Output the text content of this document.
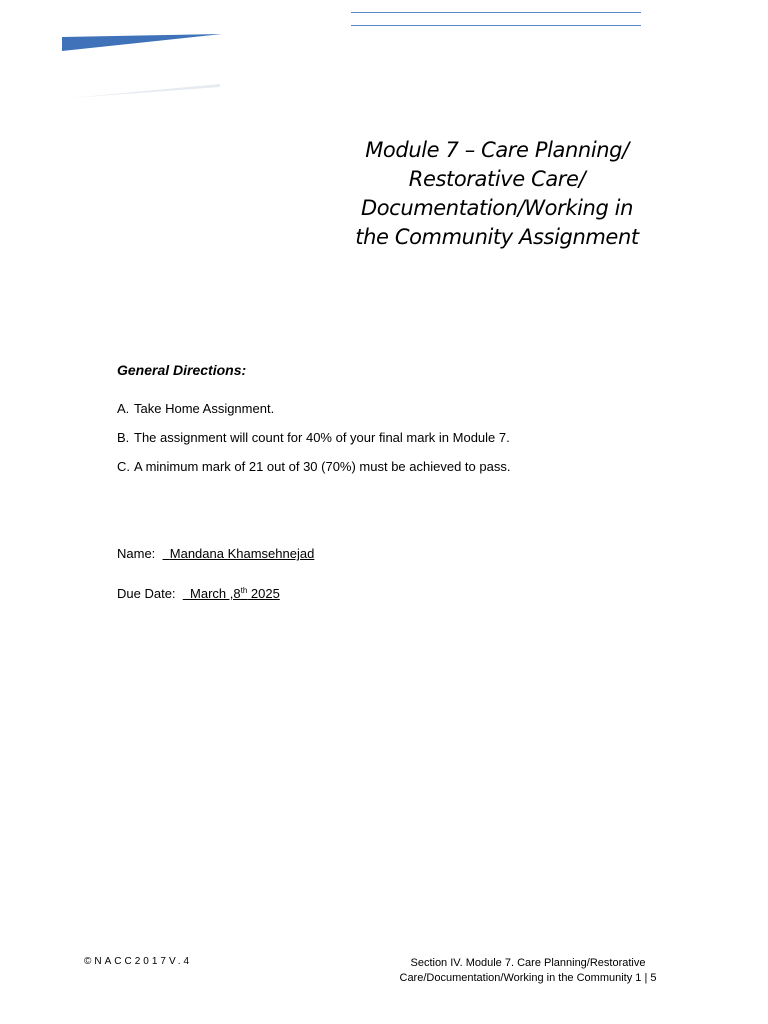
Module 7 – Care Planning/
Restorative Care/
Documentation/Working in
the Community Assignment
General Directions:
A. Take Home Assignment.
B. The assignment will count for 40% of your final mark in Module 7.
C. A minimum mark of 21 out of 30 (70%) must be achieved to pass.
Name: Mandana Khamsehnejad
Due Date: March ,8th 2025
©NACC2017V.4	Section IV. Module 7. Care Planning/Restorative
Care/Documentation/Working in the Community 1 | 5
